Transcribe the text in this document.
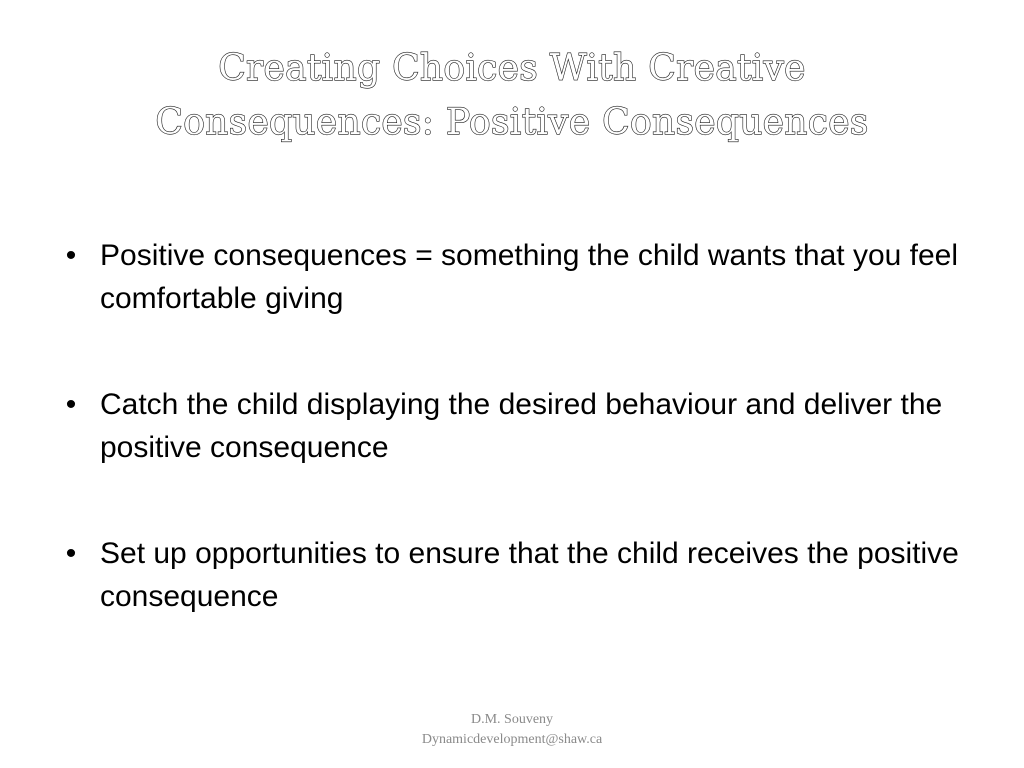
Creating Choices With Creative
Consequences: Positive Consequences
• Positive consequences = something the child wants that you feel comfortable giving
• Catch the child displaying the desired behaviour and deliver the positive consequence
• Set up opportunities to ensure that the child receives the positive consequence
D.M. Souveny
Dynamicdevelopment@shaw.ca
